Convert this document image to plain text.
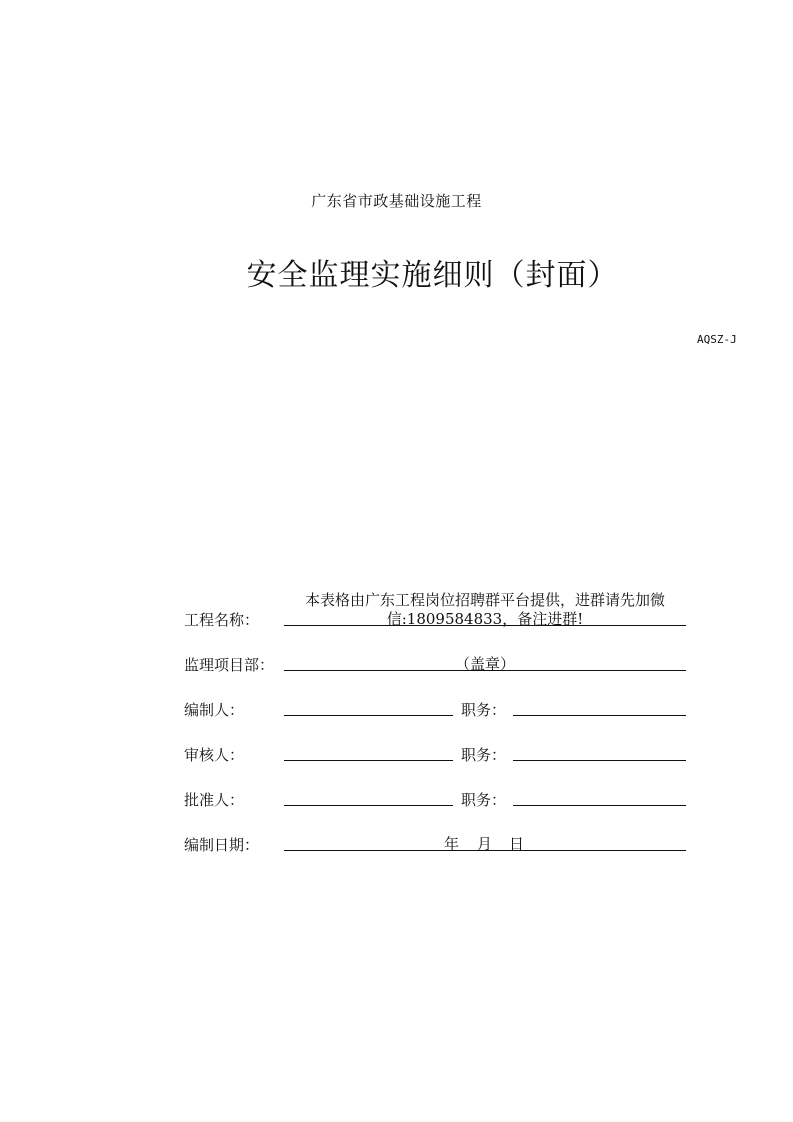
广东省市政基础设施工程
安全监理实施细则（封面）
AQSZ-J
工程名称：
本表格由广东工程岗位招聘群平台提供，进群请先加微
信:1809584833，备注进群!
监理项目部：	（盖章）
编制人：	职务：
审核人：	职务：
批准人：	职务：
编制日期：	年 月 日
